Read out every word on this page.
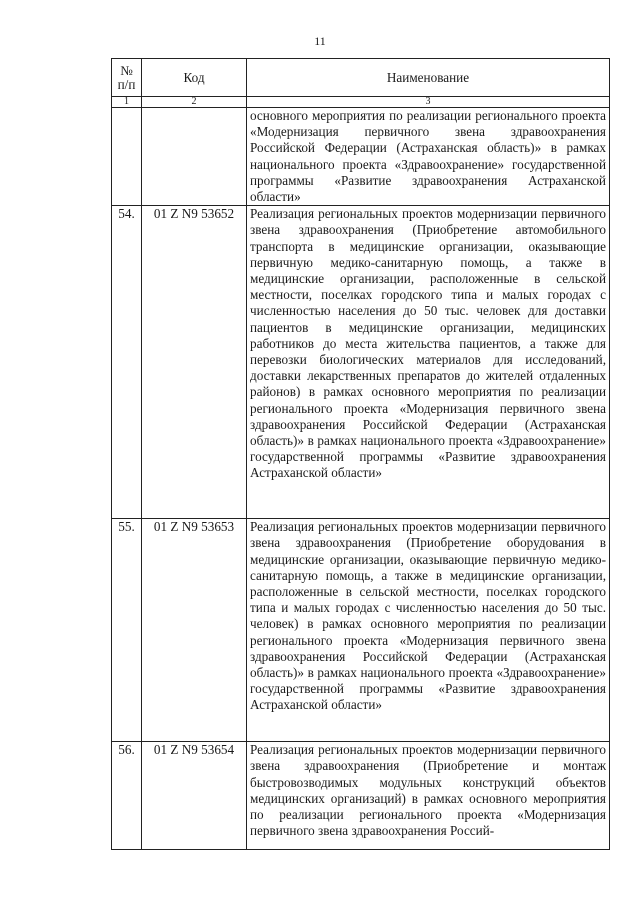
11
№ п/п	Код	Наименование
1	2	3
		основного мероприятия по реализации регионального проекта «Модернизация первичного звена здравоохранения Российской Федерации (Астраханская область)» в рамках национального проекта «Здравоохранение» государственной программы «Развитие здравоохранения Астраханской области»
54.	01 Z N9 53652	Реализация региональных проектов модернизации первичного звена здравоохранения (Приобретение автомобильного транспорта в медицинские организации, оказывающие первичную медико-санитарную помощь, а также в медицинские организации, расположенные в сельской местности, поселках городского типа и малых городах с численностью населения до 50 тыс. человек для доставки пациентов в медицинские организации, медицинских работников до места жительства пациентов, а также для перевозки биологических материалов для исследований, доставки лекарственных препаратов до жителей отдаленных районов) в рамках основного мероприятия по реализации регионального проекта «Модернизация первичного звена здравоохранения Российской Федерации (Астраханская область)» в рамках национального проекта «Здравоохранение» государственной программы «Развитие здравоохранения Астраханской области»
55.	01 Z N9 53653	Реализация региональных проектов модернизации первичного звена здравоохранения (Приобретение оборудования в медицинские организации, оказывающие первичную медико- санитарную помощь, а также в медицинские организации, расположенные в сельской местности, поселках городского типа и малых городах с численностью населения до 50 тыс. человек) в рамках основного мероприятия по реализации регионального проекта «Модернизация первичного звена здравоохранения Российской Федерации (Астраханская область)» в рамках национального проекта «Здравоохранение» государственной программы «Развитие здравоохранения Астраханской области»
56.	01 Z N9 53654	Реализация региональных проектов модернизации первичного звена здравоохранения (Приобретение и монтаж быстровозводимых модульных конструкций объектов медицинских организаций) в рамках основного мероприятия по реализации регионального проекта «Модернизация первичного звена здравоохранения Россий-
